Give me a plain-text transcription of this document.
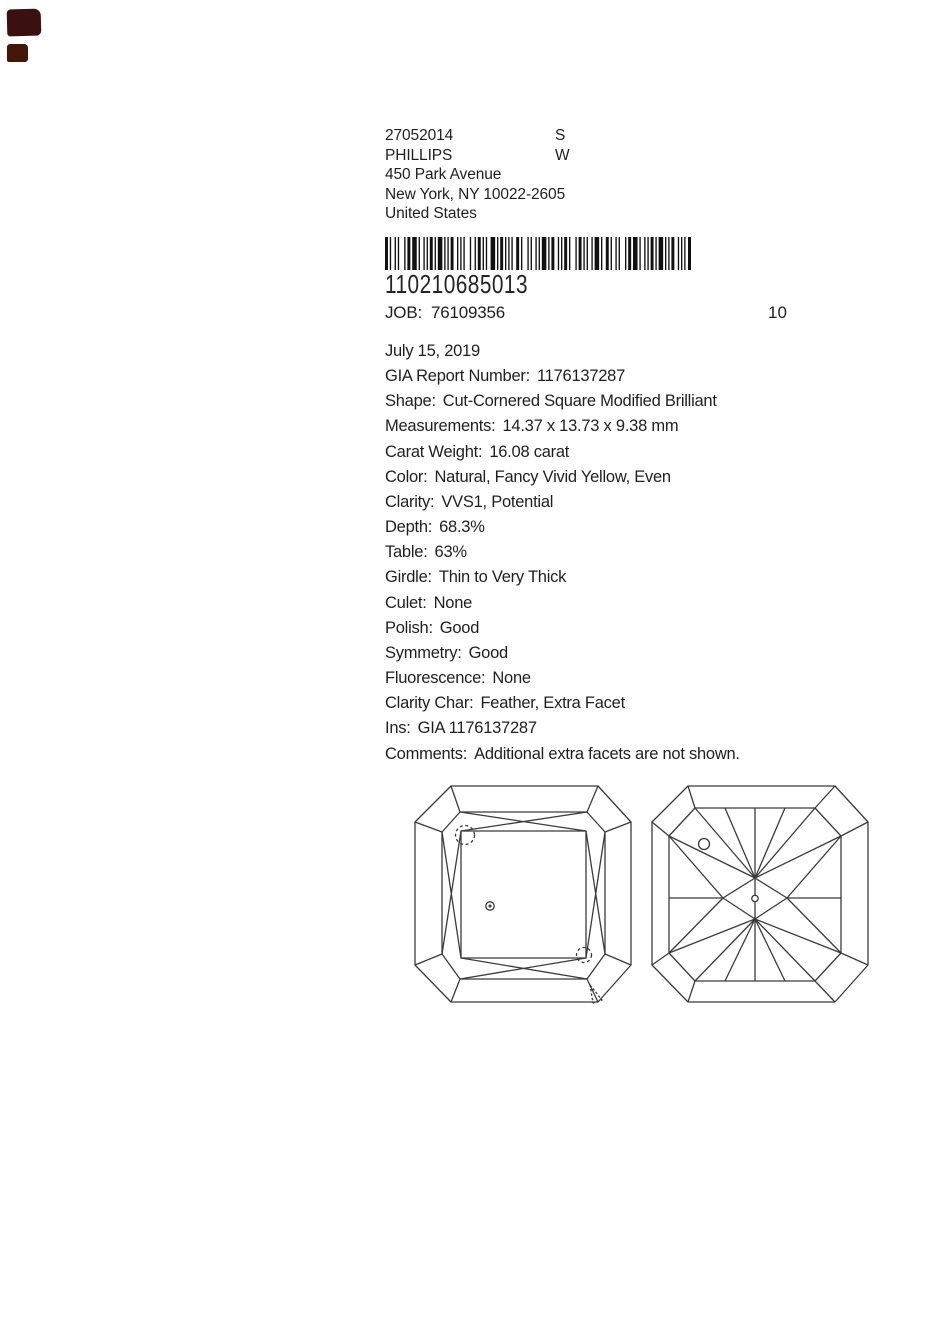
27052014	S W
PHILLIPS
450 Park Avenue
New York, NY 10022-2605
United States
110210685013
JOB: 76109356	10
July 15, 2019
GIA Report Number: 1176137287
Shape: Cut-Cornered Square Modified Brilliant
Measurements: 14.37 x 13.73 x 9.38 mm
Carat Weight: 16.08 carat
Color: Natural, Fancy Vivid Yellow, Even
Clarity: VVS1, Potential
Depth: 68.3%
Table: 63%
Girdle: Thin to Very Thick
Culet: None
Polish: Good
Symmetry: Good
Fluorescence: None
Clarity Char: Feather, Extra Facet
Ins: GIA 1176137287
Comments: Additional extra facets are not shown.
